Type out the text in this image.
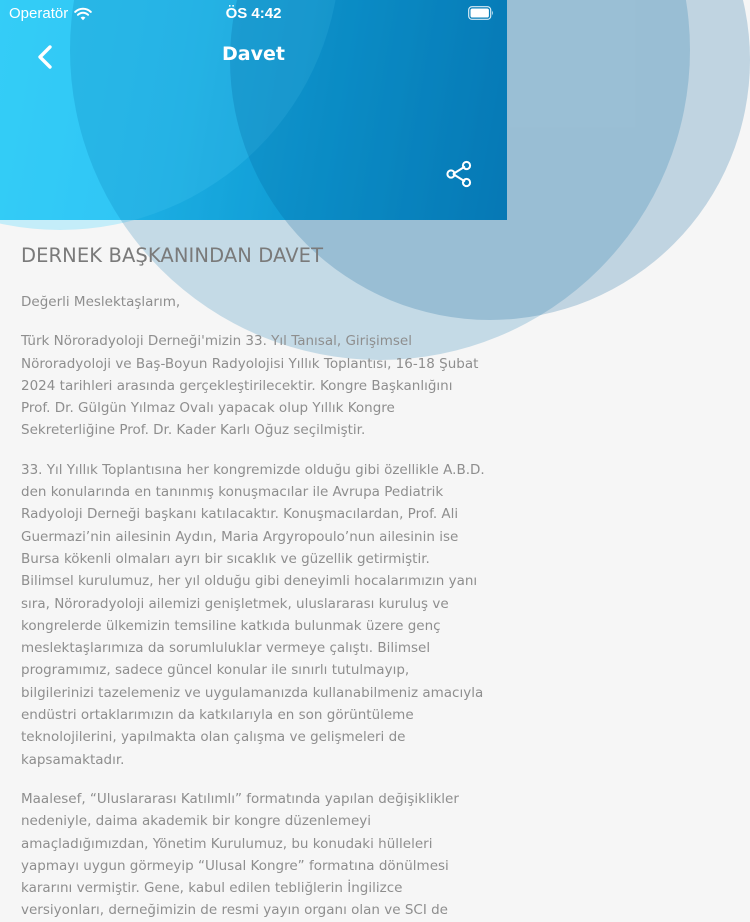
Operatör	ÖS 4:42
Davet
DERNEK BAŞKANINDAN DAVET

Değerli Meslektaşlarım,

Türk Nöroradyoloji Derneği'mizin 33. Yıl Tanısal, Girişimsel Nöroradyoloji ve Baş-Boyun Radyolojisi Yıllık Toplantısı, 16-18 Şubat 2024 tarihleri arasında gerçekleştirilecektir. Kongre Başkanlığını Prof. Dr. Gülgün Yılmaz Ovalı yapacak olup Yıllık Kongre Sekreterliğine Prof. Dr. Kader Karlı Oğuz seçilmiştir.

33. Yıl Yıllık Toplantısına her kongremizde olduğu gibi özellikle A.B.D. den konularında en tanınmış konuşmacılar ile Avrupa Pediatrik Radyoloji Derneği başkanı katılacaktır. Konuşmacılardan, Prof. Ali Guermazi’nin ailesinin Aydın, Maria Argyropoulo’nun ailesinin ise Bursa kökenli olmaları ayrı bir sıcaklık ve güzellik getirmiştir. Bilimsel kurulumuz, her yıl olduğu gibi deneyimli hocalarımızın yanı sıra, Nöroradyoloji ailemizi genişletmek, uluslararası kuruluş ve kongrelerde ülkemizin temsiline katkıda bulunmak üzere genç meslektaşlarımıza da sorumluluklar vermeye çalıştı. Bilimsel programımız, sadece güncel konular ile sınırlı tutulmayıp, bilgilerinizi tazelemeniz ve uygulamanızda kullanabilmeniz amacıyla endüstri ortaklarımızın da katkılarıyla en son görüntüleme teknolojilerini, yapılmakta olan çalışma ve gelişmeleri de kapsamaktadır.

Maalesef, “Uluslararası Katılımlı” formatında yapılan değişiklikler nedeniyle, daima akademik bir kongre düzenlemeyi amaçladığımızdan, Yönetim Kurulumuz, bu konudaki hülleleri yapmayı uygun görmeyip “Ulusal Kongre” formatına dönülmesi kararını vermiştir. Gene, kabul edilen tebliğlerin İngilizce versiyonları, derneğimizin de resmi yayın organı olan ve SCI de
